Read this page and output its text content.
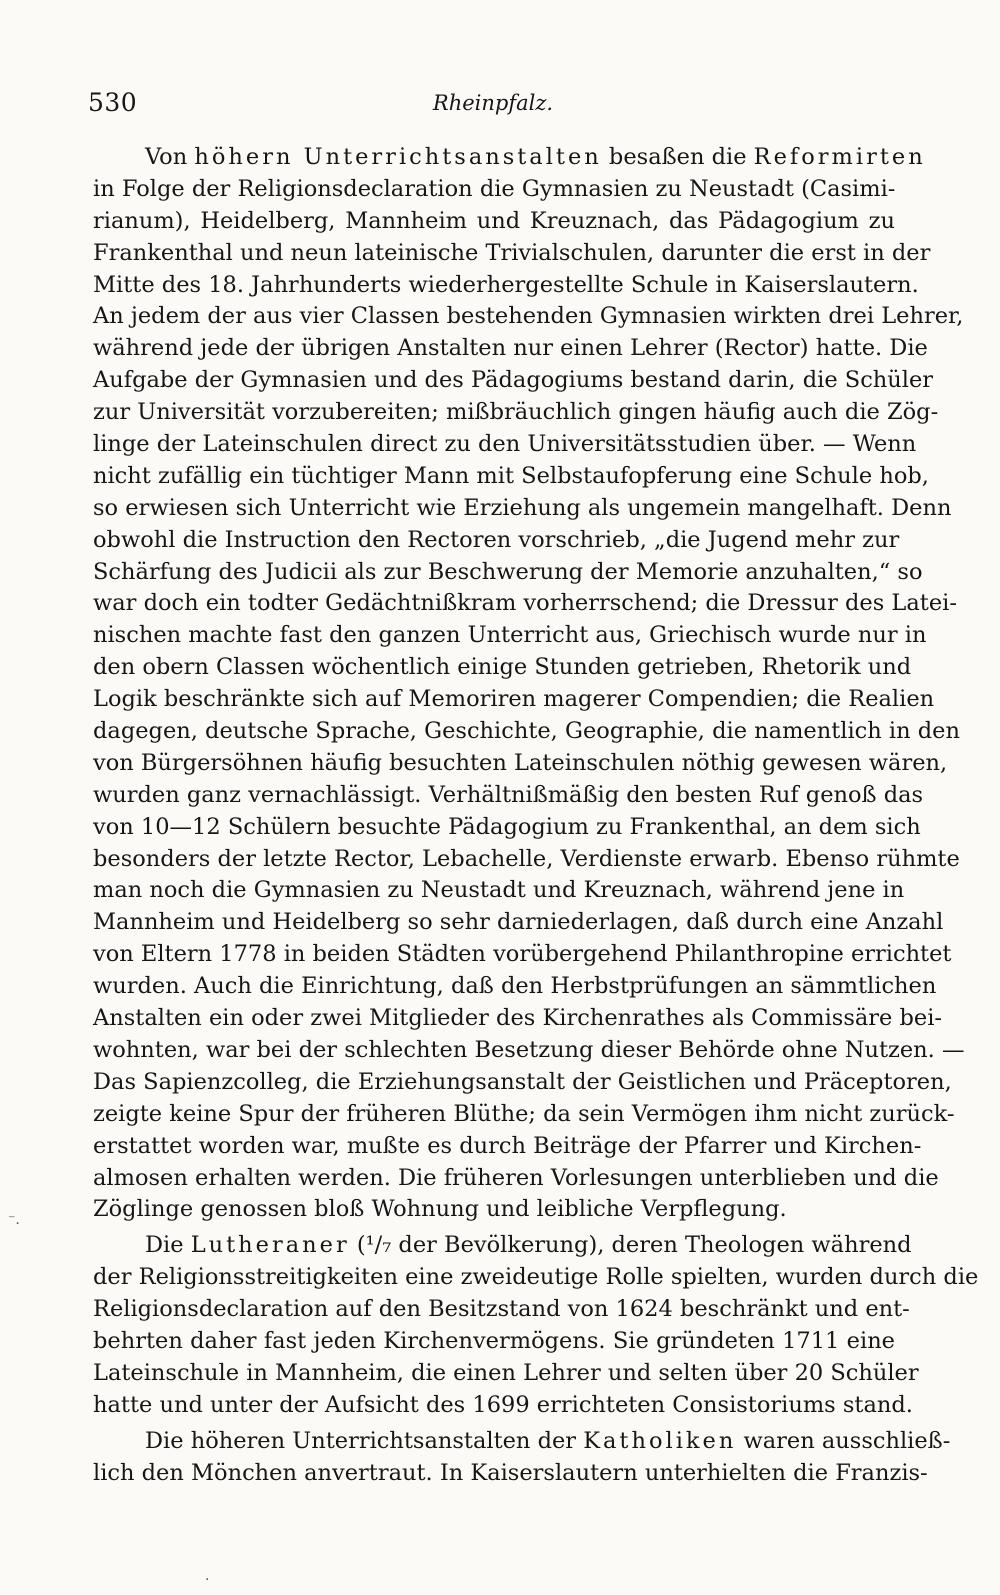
530	Rheinpfalz.
Von höhern Unterrichtsanstalten besaßen die Reformirten
in Folge der Religionsdeclaration die Gymnasien zu Neustadt (Casimi-
rianum), Heidelberg, Mannheim und Kreuznach, das Pädagogium zu
Frankenthal und neun lateinische Trivialschulen, darunter die erst in der
Mitte des 18. Jahrhunderts wiederhergestellte Schule in Kaiserslautern.
An jedem der aus vier Classen bestehenden Gymnasien wirkten drei Lehrer,
während jede der übrigen Anstalten nur einen Lehrer (Rector) hatte. Die
Aufgabe der Gymnasien und des Pädagogiums bestand darin, die Schüler
zur Universität vorzubereiten; mißbräuchlich gingen häufig auch die Zög-
linge der Lateinschulen direct zu den Universitätsstudien über. — Wenn
nicht zufällig ein tüchtiger Mann mit Selbstaufopferung eine Schule hob,
so erwiesen sich Unterricht wie Erziehung als ungemein mangelhaft. Denn
obwohl die Instruction den Rectoren vorschrieb, „die Jugend mehr zur
Schärfung des Judicii als zur Beschwerung der Memorie anzuhalten,“ so
war doch ein todter Gedächtnißkram vorherrschend; die Dressur des Latei-
nischen machte fast den ganzen Unterricht aus, Griechisch wurde nur in
den obern Classen wöchentlich einige Stunden getrieben, Rhetorik und
Logik beschränkte sich auf Memoriren magerer Compendien; die Realien
dagegen, deutsche Sprache, Geschichte, Geographie, die namentlich in den
von Bürgersöhnen häufig besuchten Lateinschulen nöthig gewesen wären,
wurden ganz vernachlässigt. Verhältnißmäßig den besten Ruf genoß das
von 10—12 Schülern besuchte Pädagogium zu Frankenthal, an dem sich
besonders der letzte Rector, Lebachelle, Verdienste erwarb. Ebenso rühmte
man noch die Gymnasien zu Neustadt und Kreuznach, während jene in
Mannheim und Heidelberg so sehr darniederlagen, daß durch eine Anzahl
von Eltern 1778 in beiden Städten vorübergehend Philanthropine errichtet
wurden. Auch die Einrichtung, daß den Herbstprüfungen an sämmtlichen
Anstalten ein oder zwei Mitglieder des Kirchenrathes als Commissäre bei-
wohnten, war bei der schlechten Besetzung dieser Behörde ohne Nutzen. —
Das Sapienzcolleg, die Erziehungsanstalt der Geistlichen und Präceptoren,
zeigte keine Spur der früheren Blüthe; da sein Vermögen ihm nicht zurück-
erstattet worden war, mußte es durch Beiträge der Pfarrer und Kirchen-
almosen erhalten werden. Die früheren Vorlesungen unterblieben und die
Zöglinge genossen bloß Wohnung und leibliche Verpflegung.
Die Lutheraner (¹/₇ der Bevölkerung), deren Theologen während
der Religionsstreitigkeiten eine zweideutige Rolle spielten, wurden durch die
Religionsdeclaration auf den Besitzstand von 1624 beschränkt und ent-
behrten daher fast jeden Kirchenvermögens. Sie gründeten 1711 eine
Lateinschule in Mannheim, die einen Lehrer und selten über 20 Schüler
hatte und unter der Aufsicht des 1699 errichteten Consistoriums stand.
Die höheren Unterrichtsanstalten der Katholiken waren ausschließ-
lich den Mönchen anvertraut. In Kaiserslautern unterhielten die Franzis-
⁻.
·
